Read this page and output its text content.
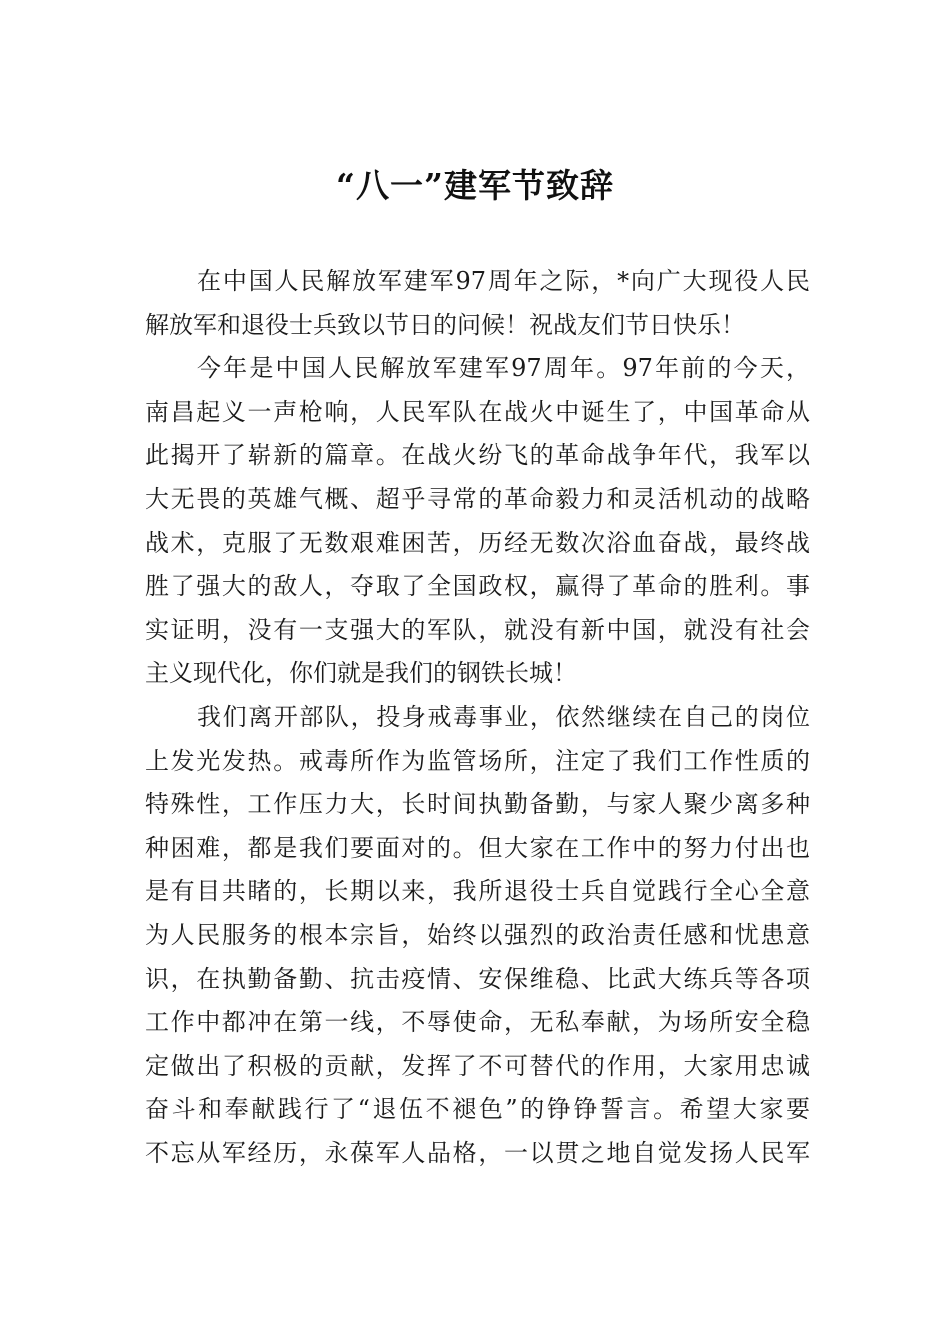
“八一”建军节致辞
在中国人民解放军建军97周年之际，*向广大现役人民
解放军和退役士兵致以节日的问候！祝战友们节日快乐！
今年是中国人民解放军建军97周年。97年前的今天，
南昌起义一声枪响，人民军队在战火中诞生了，中国革命从
此揭开了崭新的篇章。在战火纷飞的革命战争年代，我军以
大无畏的英雄气概、超乎寻常的革命毅力和灵活机动的战略
战术，克服了无数艰难困苦，历经无数次浴血奋战，最终战
胜了强大的敌人，夺取了全国政权，赢得了革命的胜利。事
实证明，没有一支强大的军队，就没有新中国，就没有社会
主义现代化，你们就是我们的钢铁长城！
我们离开部队，投身戒毒事业，依然继续在自己的岗位
上发光发热。戒毒所作为监管场所，注定了我们工作性质的
特殊性，工作压力大，长时间执勤备勤，与家人聚少离多种
种困难，都是我们要面对的。但大家在工作中的努力付出也
是有目共睹的，长期以来，我所退役士兵自觉践行全心全意
为人民服务的根本宗旨，始终以强烈的政治责任感和忧患意
识，在执勤备勤、抗击疫情、安保维稳、比武大练兵等各项
工作中都冲在第一线，不辱使命，无私奉献，为场所安全稳
定做出了积极的贡献，发挥了不可替代的作用，大家用忠诚
奋斗和奉献践行了“退伍不褪色”的铮铮誓言。希望大家要
不忘从军经历，永葆军人品格，一以贯之地自觉发扬人民军
